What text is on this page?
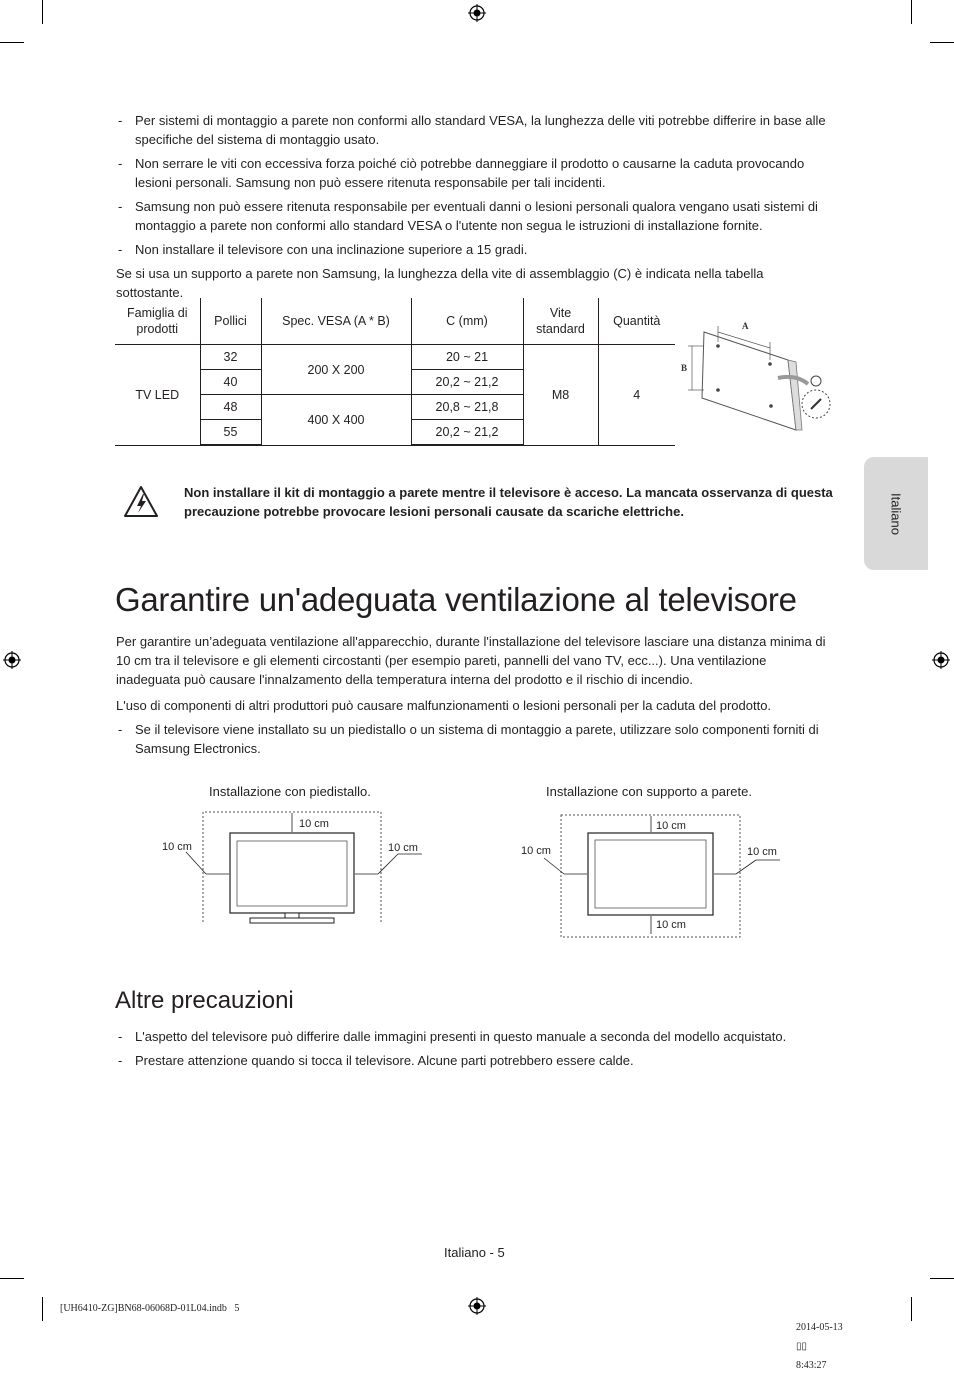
- Per sistemi di montaggio a parete non conformi allo standard VESA, la lunghezza delle viti potrebbe differire in base alle specifiche del sistema di montaggio usato.
- Non serrare le viti con eccessiva forza poiché ciò potrebbe danneggiare il prodotto o causarne la caduta provocando lesioni personali. Samsung non può essere ritenuta responsabile per tali incidenti.
- Samsung non può essere ritenuta responsabile per eventuali danni o lesioni personali qualora vengano usati sistemi di montaggio a parete non conformi allo standard VESA o l'utente non segua le istruzioni di installazione fornite.
- Non installare il televisore con una inclinazione superiore a 15 gradi.
Se si usa un supporto a parete non Samsung, la lunghezza della vite di assemblaggio (C) è indicata nella tabella sottostante.
Famiglia di prodotti	Pollici	Spec. VESA (A * B)	C (mm)	Vite standard	Quantità
TV LED	32	200 X 200	20 ~ 21	M8	4
	40		20,2 ~ 21,2		
	48	400 X 400	20,8 ~ 21,8		
	55		20,2 ~ 21,2		
A
B
Non installare il kit di montaggio a parete mentre il televisore è acceso. La mancata osservanza di questa precauzione potrebbe provocare lesioni personali causate da scariche elettriche.	Italiano
Garantire un'adeguata ventilazione al televisore
Per garantire un’adeguata ventilazione all'apparecchio, durante l'installazione del televisore lasciare una distanza minima di 10 cm tra il televisore e gli elementi circostanti (per esempio pareti, pannelli del vano TV, ecc...). Una ventilazione inadeguata può causare l'innalzamento della temperatura interna del prodotto e il rischio di incendio.
L'uso di componenti di altri produttori può causare malfunzionamenti o lesioni personali per la caduta del prodotto.
- Se il televisore viene installato su un piedistallo o un sistema di montaggio a parete, utilizzare solo componenti forniti di Samsung Electronics.
Installazione con piedistallo.	Installazione con supporto a parete.
10 cm
10 cm	10 cm
10 cm
10 cm	10 cm
10 cm
Altre precauzioni
- L'aspetto del televisore può differire dalle immagini presenti in questo manuale a seconda del modello acquistato.
- Prestare attenzione quando si tocca il televisore. Alcune parti potrebbero essere calde.
Italiano - 5
[UH6410-ZG]BN68-06068D-01L04.indb   5

2014-05-13
▯▯
8:43:27
